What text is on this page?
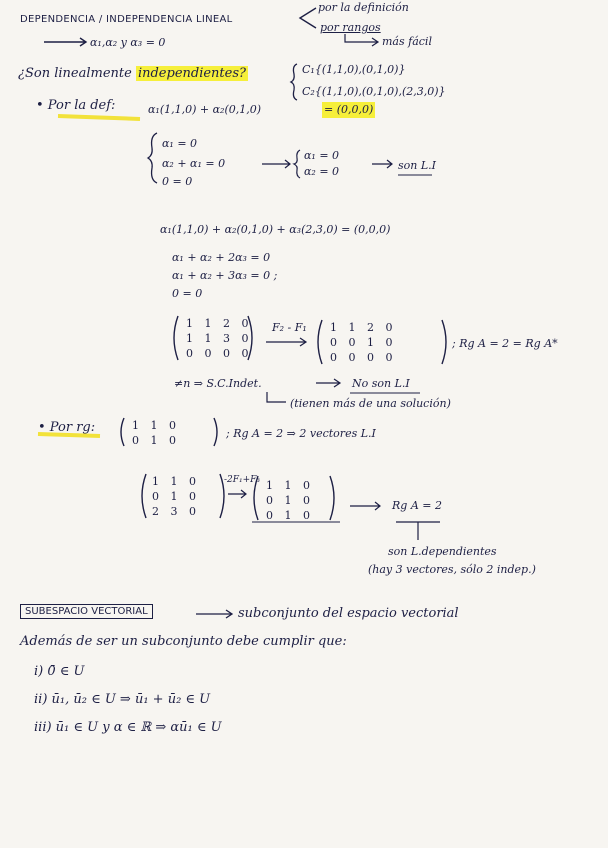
DEPENDENCIA / INDEPENDENCIA LINEAL
α₁,α₂ y α₃ = 0
por la definición
por rangos
más fácil
¿Son linealmente independientes?	C₁{(1,1,0),(0,1,0)}
C₂{(1,1,0),(0,1,0),(2,3,0)}
• Por la def:	α₁(1,1,0) + α₂(0,1,0)	= (0,0,0)
α₁ = 0
α₂ + α₁ = 0
0 = 0
α₁ = 0
α₂ = 0	son L.I
α₁(1,1,0) + α₂(0,1,0) + α₃(2,3,0) = (0,0,0)
α₁ + α₂ + 2α₃ = 0
α₁ + α₂ + 3α₃ = 0 ;
0 = 0
1 1 2 0
1 1 3 0
0 0 0 0
F₂ - F₁ 1 1 2 0
0 0 1 0
0 0 0 0
; Rg A = 2 = Rg A*
≠n ⇒ S.C.Indet.	No son L.I
(tienen más de una solución)
• Por rg:	1 1 0
0 1 0
; Rg A = 2 ⇒ 2 vectores L.I
1 1 0
0 1 0
2 3 0
-2F₁+F₃ 1 1 0
0 1 0
0 1 0
Rg A = 2
son L.dependientes
(hay 3 vectores, sólo 2 indep.)
SUBESPACIO VECTORIAL	subconjunto del espacio vectorial
Además de ser un subconjunto debe cumplir que:
i) 0̄ ∈ U
ii) ū₁, ū₂ ∈ U ⇒ ū₁ + ū₂ ∈ U
iii) ū₁ ∈ U y α ∈ ℝ ⇒ αū₁ ∈ U
